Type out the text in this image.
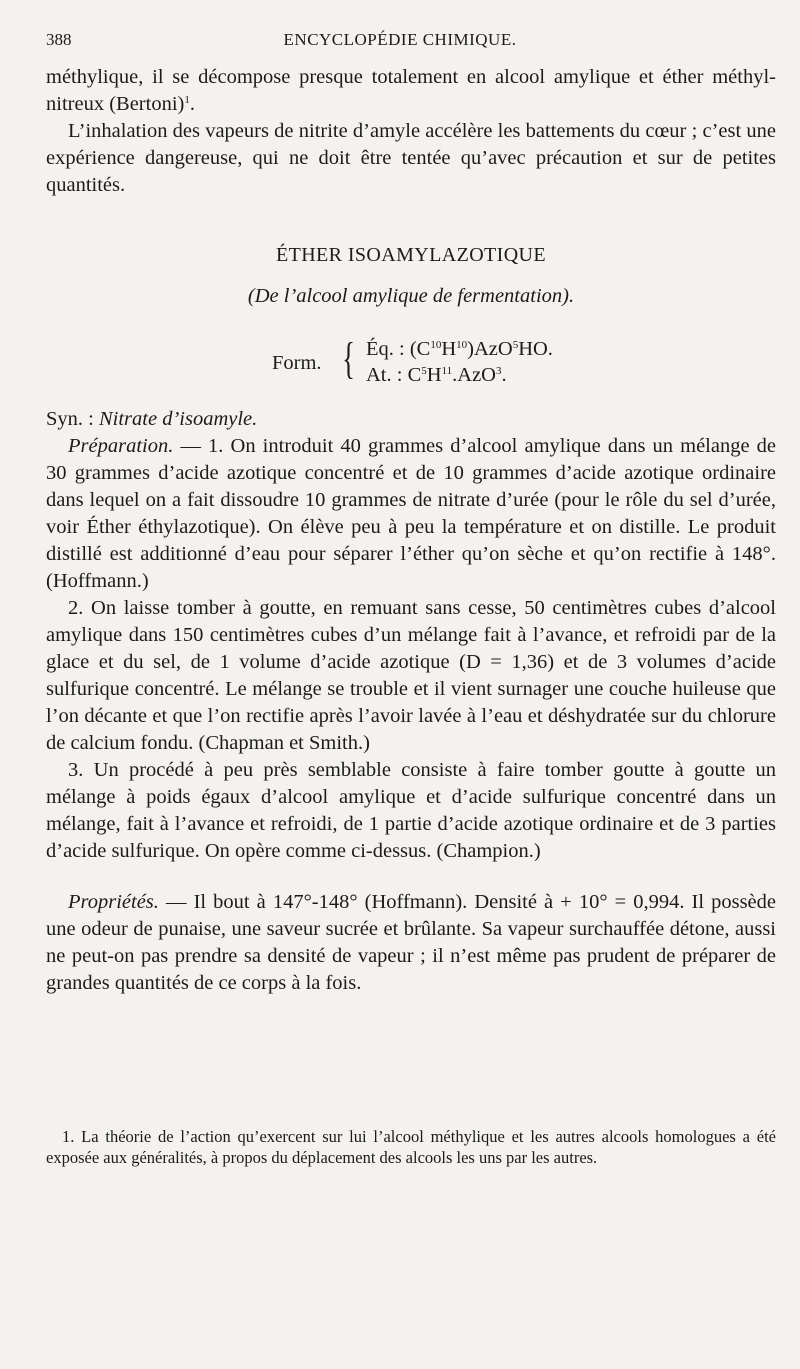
388	ENCYCLOPÉDIE CHIMIQUE.

méthylique, il se décompose presque totalement en alcool amylique et éther méthyl-nitreux (Bertoni)$^1$.

L’inhalation des vapeurs de nitrite d’amyle accélère les battements du cœur ; c’est une expérience dangereuse, qui ne doit être tentée qu’avec précaution et sur de petites quantités.

ÉTHER ISOAMYLAZOTIQUE
(De l’alcool amylique de fermentation).
Form. { Éq. : $(C^{10}H^{10})AzO^5HO$.
At. : $C^5H^{11}.AzO^3$.

Syn. : Nitrate d’isoamyle.

Préparation. — 1. On introduit 40 grammes d’alcool amylique dans un mélange de 30 grammes d’acide azotique concentré et de 10 grammes d’acide azotique ordinaire dans lequel on a fait dissoudre 10 grammes de nitrate d’urée (pour le rôle du sel d’urée, voir Éther éthylazotique). On élève peu à peu la température et on distille. Le produit distillé est additionné d’eau pour séparer l’éther qu’on sèche et qu’on rectifie à 148°. (Hoffmann.)

2. On laisse tomber à goutte, en remuant sans cesse, 50 centimètres cubes d’alcool amylique dans 150 centimètres cubes d’un mélange fait à l’avance, et refroidi par de la glace et du sel, de 1 volume d’acide azotique (D = 1,36) et de 3 volumes d’acide sulfurique concentré. Le mélange se trouble et il vient surnager une couche huileuse que l’on décante et que l’on rectifie après l’avoir lavée à l’eau et déshydratée sur du chlorure de calcium fondu. (Chapman et Smith.)

3. Un procédé à peu près semblable consiste à faire tomber goutte à goutte un mélange à poids égaux d’alcool amylique et d’acide sulfurique concentré dans un mélange, fait à l’avance et refroidi, de 1 partie d’acide azotique ordinaire et de 3 parties d’acide sulfurique. On opère comme ci-dessus. (Champion.)

Propriétés. — Il bout à 147°-148° (Hoffmann). Densité à + 10° = 0,994. Il possède une odeur de punaise, une saveur sucrée et brûlante. Sa vapeur surchauffée détone, aussi ne peut-on pas prendre sa densité de vapeur ; il n’est même pas prudent de préparer de grandes quantités de ce corps à la fois.

1. La théorie de l’action qu’exercent sur lui l’alcool méthylique et les autres alcools homologues a été exposée aux généralités, à propos du déplacement des alcools les uns par les autres.
